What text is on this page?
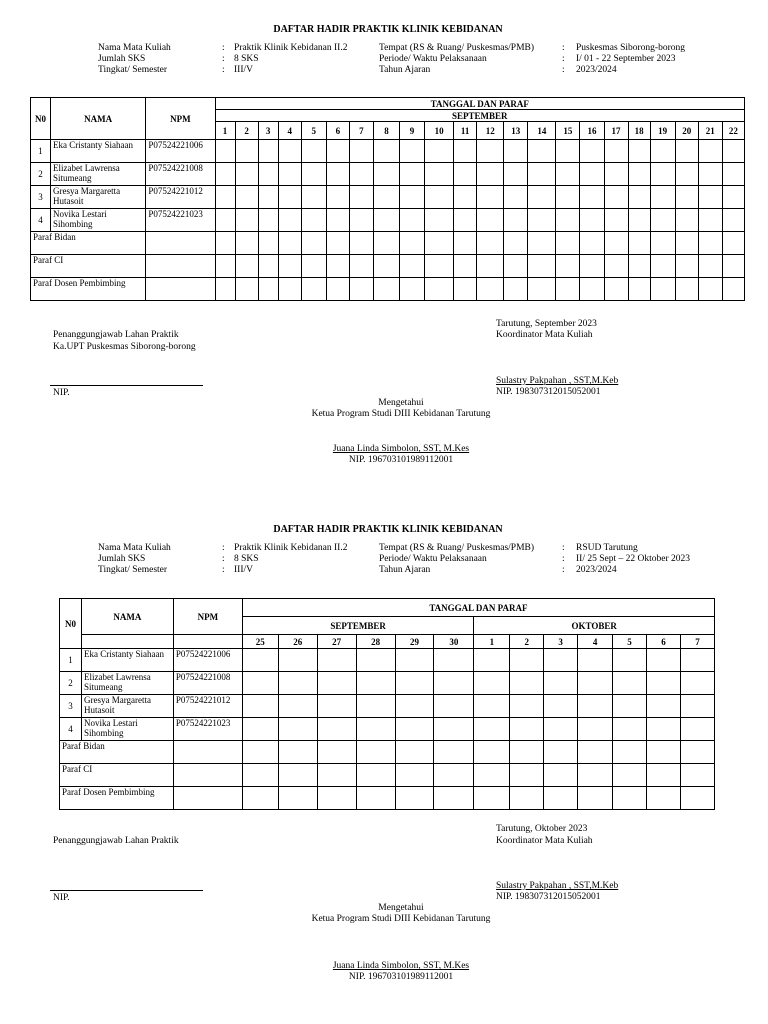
DAFTAR HADIR PRAKTIK KLINIK KEBIDANAN
Nama Mata Kuliah	: Praktik Klinik Kebidanan II.2
Jumlah SKS	: 8 SKS
Tingkat/ Semester	: III/V
Tempat (RS & Ruang/ Puskesmas/PMB)	: Puskesmas Siborong-borong
Periode/ Waktu Pelaksanaan	: I/ 01 - 22 September 2023
Tahun Ajaran	: 2023/2024
N0	NAMA	NPM	TANGGAL DAN PARAF																					
			SEPTEMBER																					
			1	2	3	4	5	6	7	8	9	10	11	12	13	14	15	16	17	18	19	20	21	22
1	Eka Cristanty Siahaan	P07524221006																						
2	Elizabet Lawrensa Situmeang	P07524221008																						
3	Gresya Margaretta Hutasoit	P07524221012																						
4	Novika Lestari Sihombing	P07524221023																						
Paraf Bidan																								
Paraf CI																								
Paraf Dosen Pembimbing																								
Penanggungjawab Lahan Praktik
Ka.UPT Puskesmas Siborong-borong
NIP.
Tarutung, September 2023
Koordinator Mata Kuliah
Sulastry Pakpahan , SST,M.Keb
NIP. 198307312015052001
Mengetahui
Ketua Program Studi DIII Kebidanan Tarutung
Juana Linda Simbolon, SST, M.Kes
NIP. 196703101989112001
DAFTAR HADIR PRAKTIK KLINIK KEBIDANAN
Nama Mata Kuliah	: Praktik Klinik Kebidanan II.2
Jumlah SKS	: 8 SKS
Tingkat/ Semester	: III/V
Tempat (RS & Ruang/ Puskesmas/PMB)	: RSUD Tarutung
Periode/ Waktu Pelaksanaan	: II/ 25 Sept – 22 Oktober 2023
Tahun Ajaran	: 2023/2024
N0	NAMA	NPM	TANGGAL DAN PARAF												
			SEPTEMBER						OKTOBER						
			25	26	27	28	29	30	1	2	3	4	5	6	7
1	Eka Cristanty Siahaan	P07524221006													
2	Elizabet Lawrensa Situmeang	P07524221008													
3	Gresya Margaretta Hutasoit	P07524221012													
4	Novika Lestari Sihombing	P07524221023													
Paraf Bidan															
Paraf CI															
Paraf Dosen Pembimbing															
Penanggungjawab Lahan Praktik
NIP.
Tarutung, Oktober 2023
Koordinator Mata Kuliah
Sulastry Pakpahan , SST,M.Keb
NIP. 198307312015052001
Mengetahui
Ketua Program Studi DIII Kebidanan Tarutung
Juana Linda Simbolon, SST, M.Kes
NIP. 196703101989112001
